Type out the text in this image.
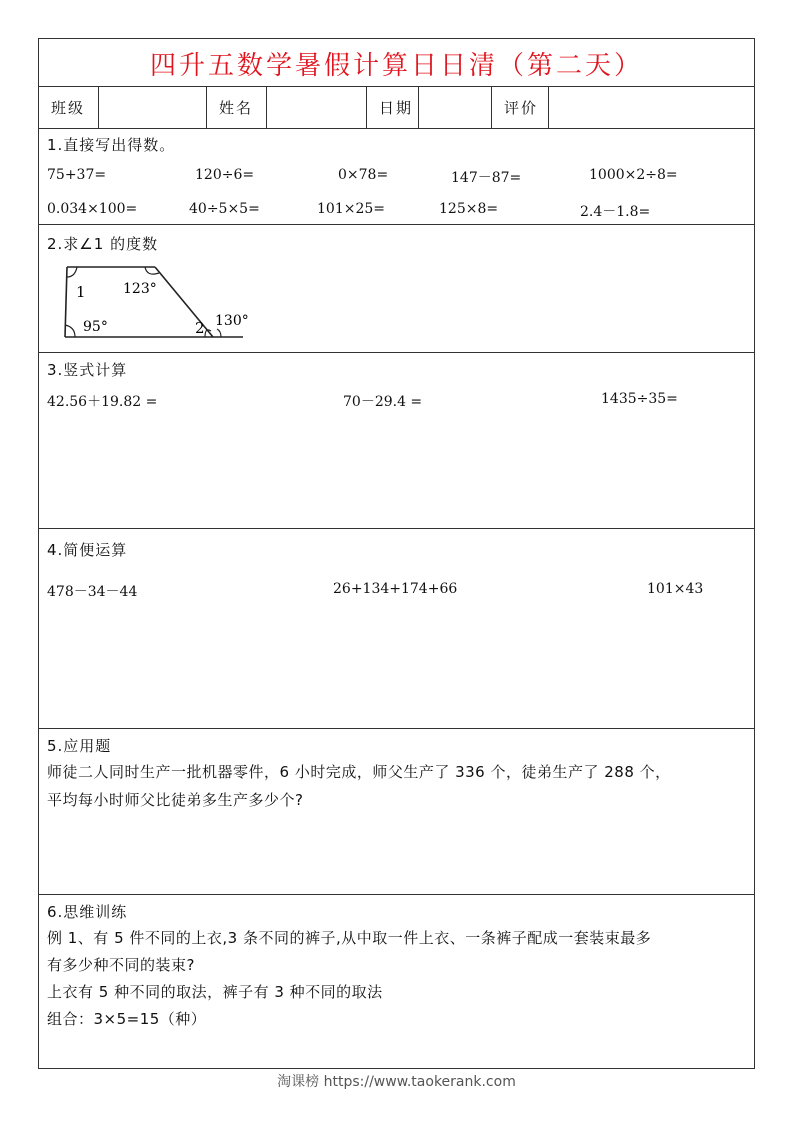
四升五数学暑假计算日日清（第二天）
班级	姓名	日期	评价
1.直接写出得数。
75+37=	120÷6=	0×78=	147－87=	1000×2÷8=
0.034×100=	40÷5×5=	101×25=	125×8=	2.4－1.8=
2.求∠1 的度数
1	123°
95°	2 130°
3.竖式计算
42.56＋19.82 =	70－29.4 =	1435÷35=
4.简便运算
478－34－44	26+134+174+66	101×43
5.应用题
师徒二人同时生产一批机器零件，6 小时完成，师父生产了 336 个，徒弟生产了 288 个，
平均每小时师父比徒弟多生产多少个?
6.思维训练
例 1、有 5 件不同的上衣,3 条不同的裤子,从中取一件上衣、一条裤子配成一套装束最多
有多少种不同的装束?
上衣有 5 种不同的取法，裤子有 3 种不同的取法
组合：3×5=15（种）
淘课榜 https://www.taokerank.com
